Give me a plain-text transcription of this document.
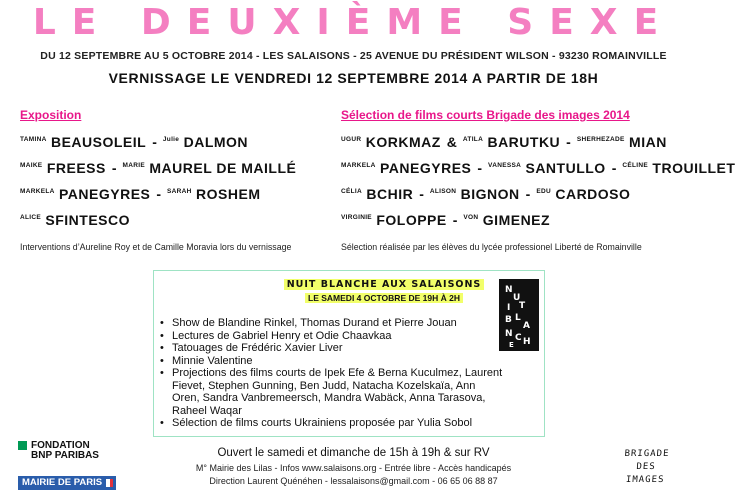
LE DEUXIÈME SEXE
DU 12 SEPTEMBRE AU 5 OCTOBRE 2014 - LES SALAISONS - 25 AVENUE DU PRÉSIDENT WILSON - 93230 ROMAINVILLE
VERNISSAGE LE VENDREDI 12 SEPTEMBRE 2014 A PARTIR DE 18H
Exposition
$^{TAMINA}$ BEAUSOLEIL - $^{Julie}$ DALMON
$^{MAIKE}$ FREESS - $^{MARIE}$ MAUREL DE MAILLÉ
$^{MARKELA}$ PANEGYRES - $^{SARAH}$ ROSHEM
$^{ALICE}$ SFINTESCO
Interventions d’Aureline Roy et de Camille Moravia lors du vernissage
Sélection de films courts Brigade des images 2014
$^{UGUR}$ KORKMAZ & $^{ATILA}$ BARUTKU - $^{SHERHEZADE}$ MIAN
$^{MARKELA}$ PANEGYRES - $^{VANESSA}$ SANTULLO - $^{CÉLINE}$ TROUILLET
$^{CÉLIA}$ BCHIR - $^{ALISON}$ BIGNON - $^{EDU}$ CARDOSO
$^{VIRGINIE}$ FOLOPPE - $^{VON}$ GIMENEZ
Sélection réalisée par les élèves du lycée professionel Liberté de Romainville
NUIT BLANCHE AUX SALAISONS
LE SAMEDI 4 OCTOBRE DE 19H À 2H
N
U
I T
B L
A
N C H
E
• Show de Blandine Rinkel, Thomas Durand et Pierre Jouan
• Lectures de Gabriel Henry et Odie Chaavkaa
• Tatouages de Frédéric Xavier Liver
• Minnie Valentine
• Projections des films courts de Ipek Efe & Berna Kuculmez, Laurent Fievet, Stephen Gunning, Ben Judd, Natacha Kozelskaïa, Ann Oren, Sandra Vanbremeersch, Mandra Wabäck, Anna Tarasova, Raheel Waqar
• Sélection de films courts Ukrainiens proposée par Yulia Sobol
FONDATION
BNP PARIBAS
MAIRIE DE PARIS
Ouvert le samedi et dimanche de 15h à 19h & sur RV
M° Mairie des Lilas - Infos www.salaisons.org - Entrée libre - Accès handicapés
Direction Laurent Quénéhen - lessalaisons@gmail.com - 06 65 06 88 87
BRIGADE
DES
IMAGES
